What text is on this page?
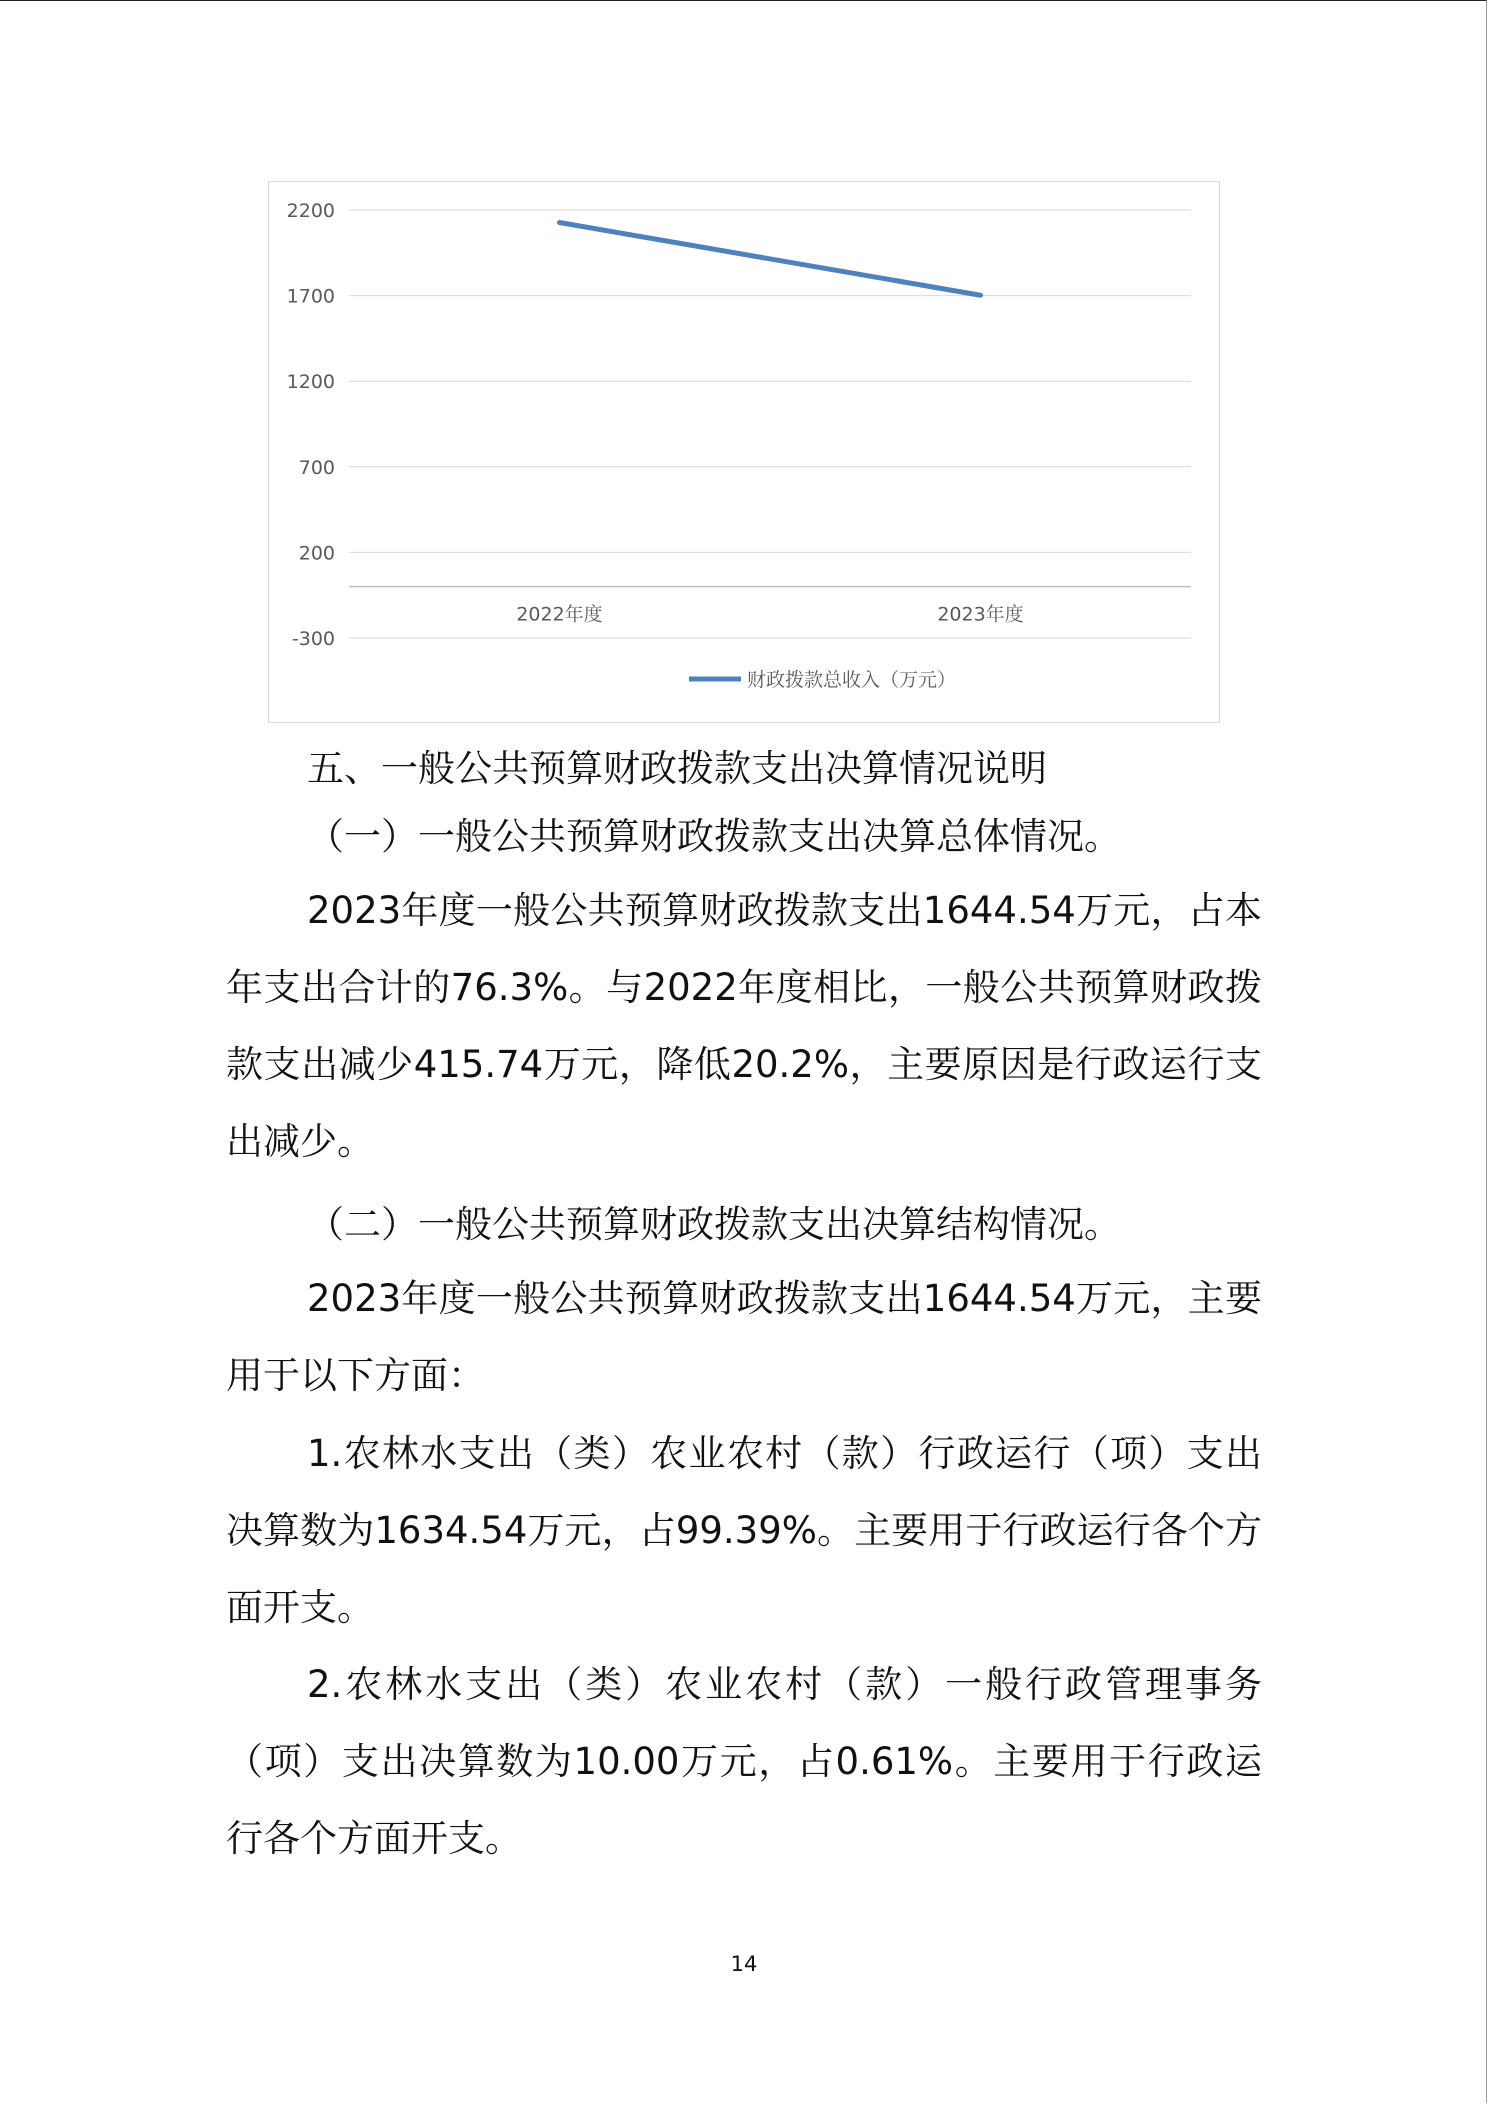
2200
1700
1200
700
200
-300
2022年度	2023年度
财政拨款总收入（万元）
五、一般公共预算财政拨款支出决算情况说明
（一）一般公共预算财政拨款支出决算总体情况。
2023年度一般公共预算财政拨款支出1644.54万元，占本年支出合计的76.3%。与2022年度相比，一般公共预算财政拨款支出减少415.74万元，降低20.2%，主要原因是行政运行支出减少。
（二）一般公共预算财政拨款支出决算结构情况。
2023年度一般公共预算财政拨款支出1644.54万元，主要用于以下方面：
1.农林水支出（类）农业农村（款）行政运行（项）支出决算数为1634.54万元，占99.39%。主要用于行政运行各个方面开支。
2.农林水支出（类）农业农村（款）一般行政管理事务（项）支出决算数为10.00万元，占0.61%。主要用于行政运行各个方面开支。
14
